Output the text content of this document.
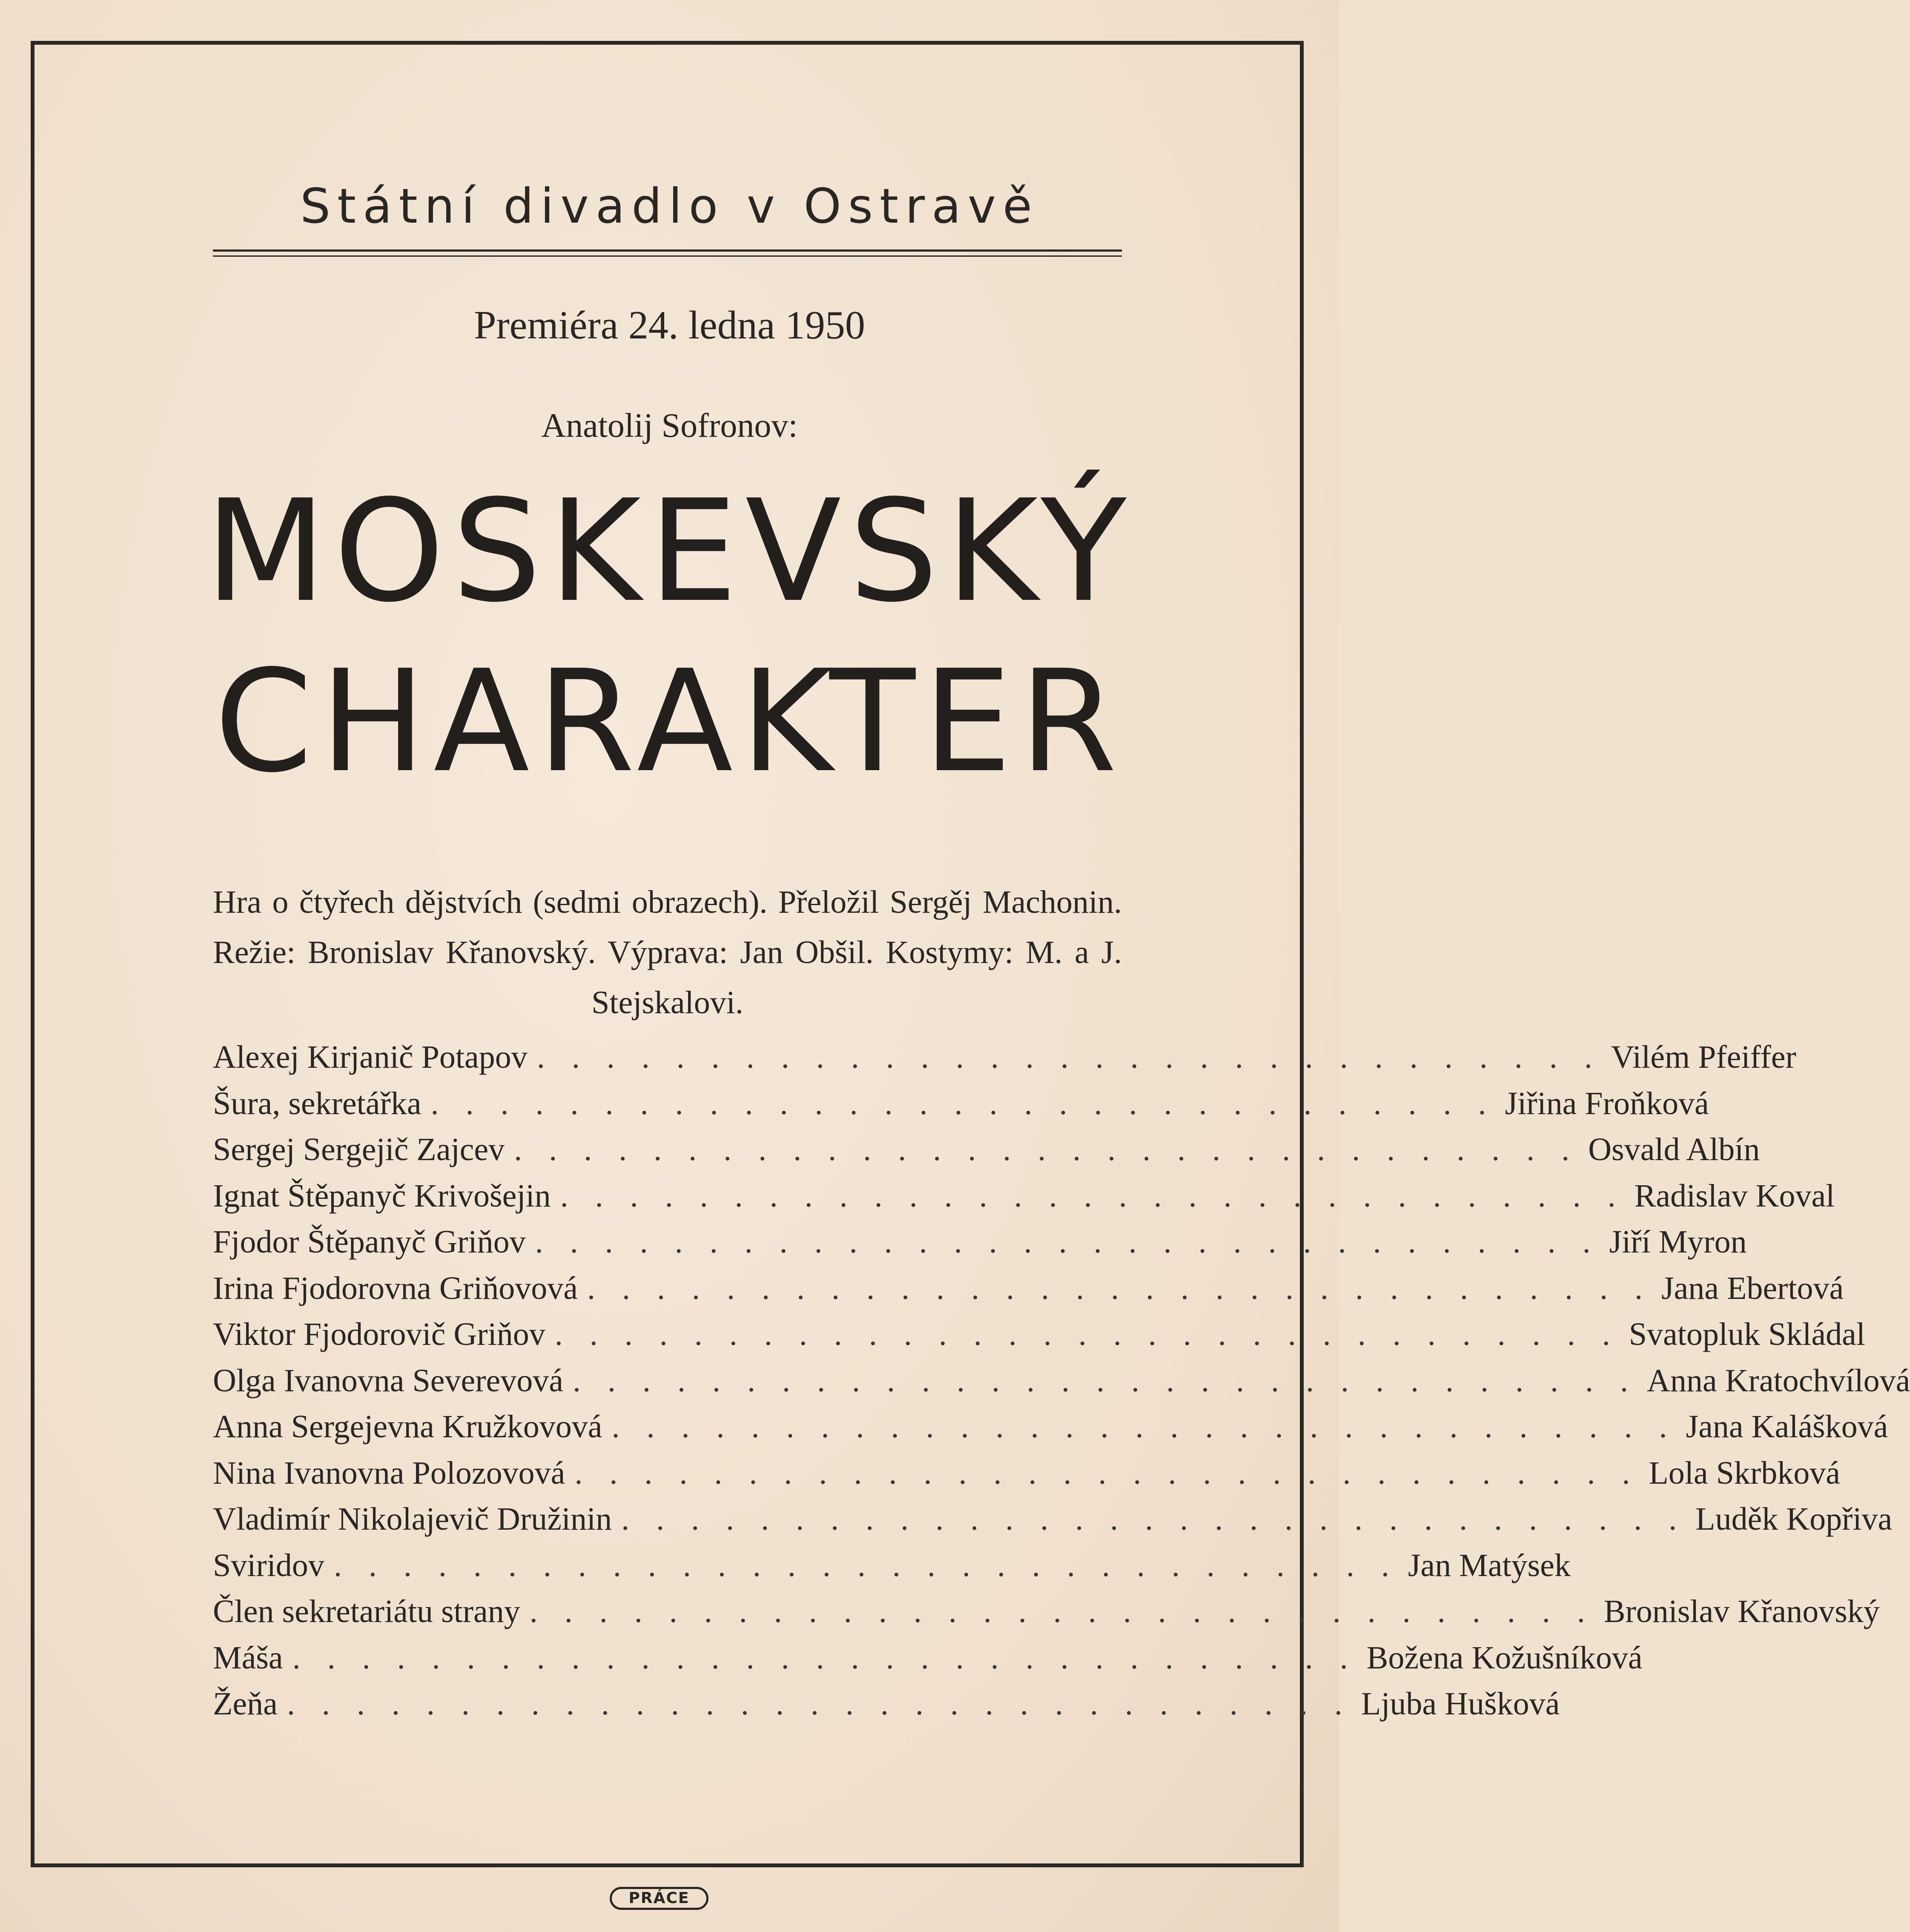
Státní divadlo v Ostravě
Premiéra 24. ledna 1950
Anatolij Sofronov:
MOSKEVSKÝ
CHARAKTER
Hra o čtyřech dějstvích (sedmi obrazech). Přeložil Sergěj Machonin. Režie: Bronislav Křanovský. Výprava: Jan Obšil. Kostymy: M. a J. Stejskalovi.
Alexej Kirjanič Potapov . . . . . . . . . . . . . . . . . . . . . . . . . . . . . . . Vilém Pfeiffer
Šura, sekretářka . . . . . . . . . . . . . . . . . . . . . . . . . . . . . . . Jiřina Froňková
Sergej Sergejič Zajcev . . . . . . . . . . . . . . . . . . . . . . . . . . . . . . . Osvald Albín
Ignat Štěpanyč Krivošejin . . . . . . . . . . . . . . . . . . . . . . . . . . . . . . . Radislav Koval
Fjodor Štěpanyč Griňov . . . . . . . . . . . . . . . . . . . . . . . . . . . . . . . Jiří Myron
Irina Fjodorovna Griňovová . . . . . . . . . . . . . . . . . . . . . . . . . . . . . . . Jana Ebertová
Viktor Fjodorovič Griňov . . . . . . . . . . . . . . . . . . . . . . . . . . . . . . . Svatopluk Skládal
Olga Ivanovna Severevová . . . . . . . . . . . . . . . . . . . . . . . . . . . . . . . Anna Kratochvílová
Anna Sergejevna Kružkovová . . . . . . . . . . . . . . . . . . . . . . . . . . . . . . . Jana Kalášková
Nina Ivanovna Polozovová . . . . . . . . . . . . . . . . . . . . . . . . . . . . . . . Lola Skrbková
Vladimír Nikolajevič Družinin . . . . . . . . . . . . . . . . . . . . . . . . . . . . . . . Luděk Kopřiva
Sviridov . . . . . . . . . . . . . . . . . . . . . . . . . . . . . . . Jan Matýsek
Člen sekretariátu strany . . . . . . . . . . . . . . . . . . . . . . . . . . . . . . . Bronislav Křanovský
Máša . . . . . . . . . . . . . . . . . . . . . . . . . . . . . . . Božena Kožušníková
Žeňa . . . . . . . . . . . . . . . . . . . . . . . . . . . . . . . Ljuba Hušková
PRÁCE
